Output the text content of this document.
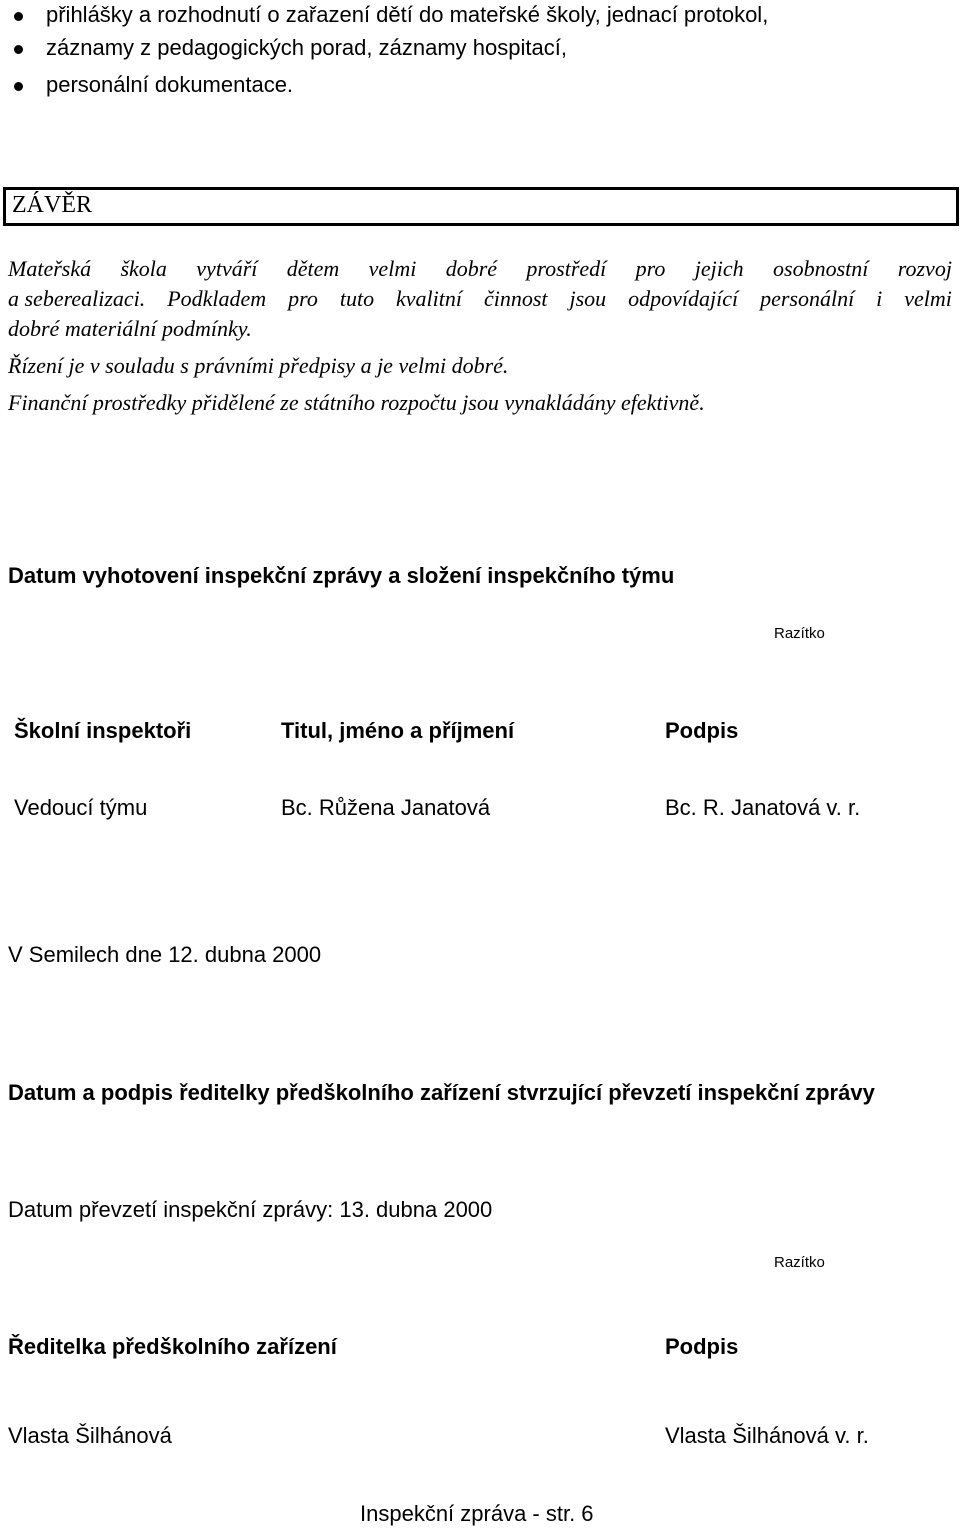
přihlášky a rozhodnutí o zařazení dětí do mateřské školy, jednací protokol,
záznamy z pedagogických porad, záznamy hospitací,
personální dokumentace.
ZÁVĚR
Mateřská škola vytváří dětem velmi dobré prostředí pro jejich osobnostní rozvoj
a seberealizaci. Podkladem pro tuto kvalitní činnost jsou odpovídající personální i velmi
dobré materiální podmínky.
Řízení je v souladu s právními předpisy a je velmi dobré.
Finanční prostředky přidělené ze státního rozpočtu jsou vynakládány efektivně.
Datum vyhotovení inspekční zprávy a složení inspekčního týmu
Razítko
Školní inspektoři	Titul, jméno a příjmení	Podpis
Vedoucí týmu	Bc. Růžena Janatová	Bc. R. Janatová v. r.
V Semilech dne 12. dubna 2000
Datum a podpis ředitelky předškolního zařízení stvrzující převzetí inspekční zprávy
Datum převzetí inspekční zprávy: 13. dubna 2000
Razítko
Ředitelka předškolního zařízení	Podpis
Vlasta Šilhánová	Vlasta Šilhánová v. r.
Inspekční zpráva - str. 6
